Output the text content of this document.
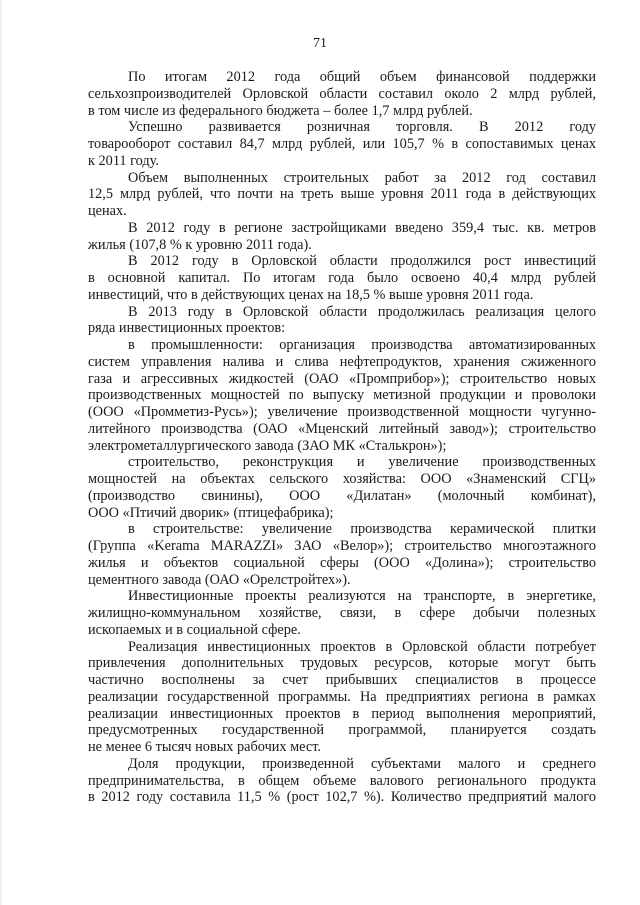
71
По итогам 2012 года общий объем финансовой поддержки
сельхозпроизводителей Орловской области составил около 2 млрд рублей,
в том числе из федерального бюджета – более 1,7 млрд рублей.
Успешно развивается розничная торговля. В 2012 году
товарооборот составил 84,7 млрд рублей, или 105,7 % в сопоставимых ценах
к 2011 году.
Объем выполненных строительных работ за 2012 год составил
12,5 млрд рублей, что почти на треть выше уровня 2011 года в действующих
ценах.
В 2012 году в регионе застройщиками введено 359,4 тыс. кв. метров
жилья (107,8 % к уровню 2011 года).
В 2012 году в Орловской области продолжился рост инвестиций
в основной капитал. По итогам года было освоено 40,4 млрд рублей
инвестиций, что в действующих ценах на 18,5 % выше уровня 2011 года.
В 2013 году в Орловской области продолжилась реализация целого
ряда инвестиционных проектов:
в промышленности: организация производства автоматизированных
систем управления налива и слива нефтепродуктов, хранения сжиженного
газа и агрессивных жидкостей (ОАО «Промприбор»); строительство новых
производственных мощностей по выпуску метизной продукции и проволоки
(ООО «Промметиз-Русь»); увеличение производственной мощности чугунно-
литейного производства (ОАО «Мценский литейный завод»); строительство
электрометаллургического завода (ЗАО МК «Сталькрон»);
строительство, реконструкция и увеличение производственных
мощностей на объектах сельского хозяйства: ООО «Знаменский СГЦ»
(производство свинины), ООО «Дилатан» (молочный комбинат),
ООО «Птичий дворик» (птицефабрика);
в строительстве: увеличение производства керамической плитки
(Группа «Kerama MARAZZI» ЗАО «Велор»); строительство многоэтажного
жилья и объектов социальной сферы (ООО «Долина»); строительство
цементного завода (ОАО «Орелстройтех»).
Инвестиционные проекты реализуются на транспорте, в энергетике,
жилищно-коммунальном хозяйстве, связи, в сфере добычи полезных
ископаемых и в социальной сфере.
Реализация инвестиционных проектов в Орловской области потребует
привлечения дополнительных трудовых ресурсов, которые могут быть
частично восполнены за счет прибывших специалистов в процессе
реализации государственной программы. На предприятиях региона в рамках
реализации инвестиционных проектов в период выполнения мероприятий,
предусмотренных государственной программой, планируется создать
не менее 6 тысяч новых рабочих мест.
Доля продукции, произведенной субъектами малого и среднего
предпринимательства, в общем объеме валового регионального продукта
в 2012 году составила 11,5 % (рост 102,7 %). Количество предприятий малого
